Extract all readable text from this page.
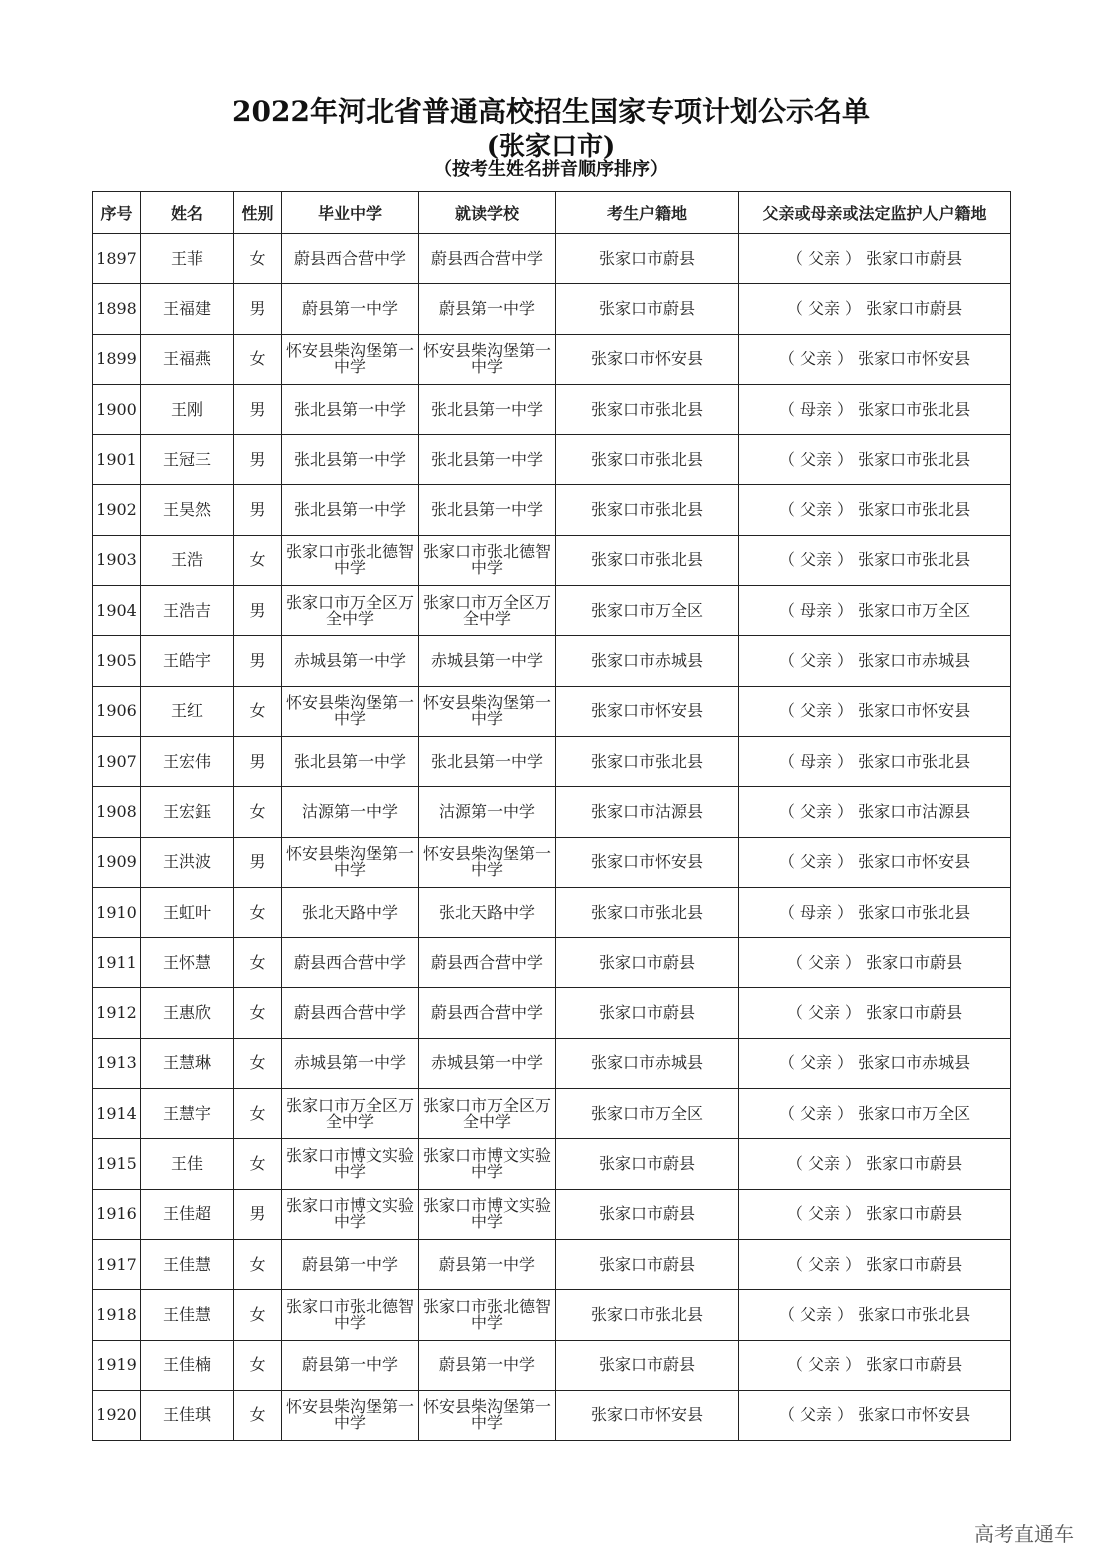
2022年河北省普通高校招生国家专项计划公示名单
(张家口市)
（按考生姓名拼音顺序排序）
序号	姓名	性别	毕业中学	就读学校	考生户籍地	父亲或母亲或法定监护人户籍地
1897	王菲	女	蔚县西合营中学	蔚县西合营中学	张家口市蔚县	（ 父亲 ） 张家口市蔚县
1898	王福建	男	蔚县第一中学	蔚县第一中学	张家口市蔚县	（ 父亲 ） 张家口市蔚县
1899	王福燕	女	怀安县柴沟堡第一中学	怀安县柴沟堡第一中学	张家口市怀安县	（ 父亲 ） 张家口市怀安县
1900	王刚	男	张北县第一中学	张北县第一中学	张家口市张北县	（ 母亲 ） 张家口市张北县
1901	王冠三	男	张北县第一中学	张北县第一中学	张家口市张北县	（ 父亲 ） 张家口市张北县
1902	王昊然	男	张北县第一中学	张北县第一中学	张家口市张北县	（ 父亲 ） 张家口市张北县
1903	王浩	女	张家口市张北德智中学	张家口市张北德智中学	张家口市张北县	（ 父亲 ） 张家口市张北县
1904	王浩吉	男	张家口市万全区万全中学	张家口市万全区万全中学	张家口市万全区	（ 母亲 ） 张家口市万全区
1905	王皓宇	男	赤城县第一中学	赤城县第一中学	张家口市赤城县	（ 父亲 ） 张家口市赤城县
1906	王红	女	怀安县柴沟堡第一中学	怀安县柴沟堡第一中学	张家口市怀安县	（ 父亲 ） 张家口市怀安县
1907	王宏伟	男	张北县第一中学	张北县第一中学	张家口市张北县	（ 母亲 ） 张家口市张北县
1908	王宏鈺	女	沽源第一中学	沽源第一中学	张家口市沽源县	（ 父亲 ） 张家口市沽源县
1909	王洪波	男	怀安县柴沟堡第一中学	怀安县柴沟堡第一中学	张家口市怀安县	（ 父亲 ） 张家口市怀安县
1910	王虹叶	女	张北天路中学	张北天路中学	张家口市张北县	（ 母亲 ） 张家口市张北县
1911	王怀慧	女	蔚县西合营中学	蔚县西合营中学	张家口市蔚县	（ 父亲 ） 张家口市蔚县
1912	王惠欣	女	蔚县西合营中学	蔚县西合营中学	张家口市蔚县	（ 父亲 ） 张家口市蔚县
1913	王慧琳	女	赤城县第一中学	赤城县第一中学	张家口市赤城县	（ 父亲 ） 张家口市赤城县
1914	王慧宇	女	张家口市万全区万全中学	张家口市万全区万全中学	张家口市万全区	（ 父亲 ） 张家口市万全区
1915	王佳	女	张家口市博文实验中学	张家口市博文实验中学	张家口市蔚县	（ 父亲 ） 张家口市蔚县
1916	王佳超	男	张家口市博文实验中学	张家口市博文实验中学	张家口市蔚县	（ 父亲 ） 张家口市蔚县
1917	王佳慧	女	蔚县第一中学	蔚县第一中学	张家口市蔚县	（ 父亲 ） 张家口市蔚县
1918	王佳慧	女	张家口市张北德智中学	张家口市张北德智中学	张家口市张北县	（ 父亲 ） 张家口市张北县
1919	王佳楠	女	蔚县第一中学	蔚县第一中学	张家口市蔚县	（ 父亲 ） 张家口市蔚县
1920	王佳琪	女	怀安县柴沟堡第一中学	怀安县柴沟堡第一中学	张家口市怀安县	（ 父亲 ） 张家口市怀安县
高考直通车
